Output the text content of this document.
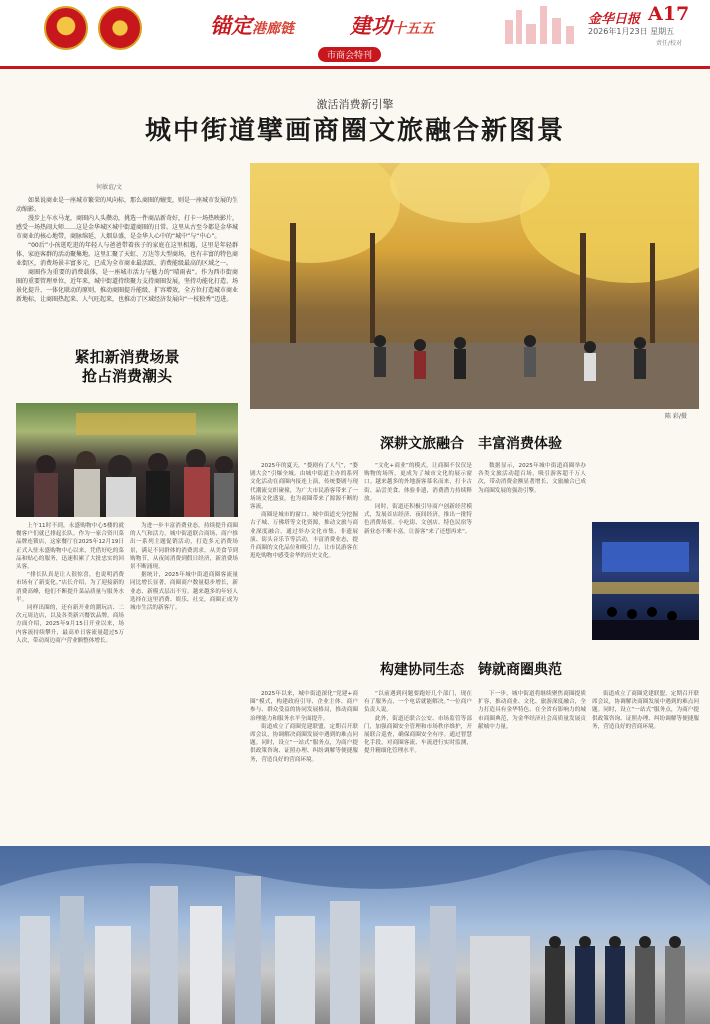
锚定港廊链	建功十五五
市商会特刊
金华日报 A17
2026年1月23日 星期五
责任/校对
激活消费新引擎
城中街道擘画商圈文旅融合新图景
何敏谊/文

如果说商业是一座城市繁荣的风向标，那么商圈的嬗变，则是一座城市发展的生动缩影。

漫步上车水马龙，商圈内人头攒动，挑选一件商品新奇好，打卡一场热映影片，感受一场热闹大师……这是金华城区城中街道商圈的日常。这里从古至今都是金华城市商业的核心地带，商脉绵延，人烟阜盛，是金华人心中的“城中”与“中心”。

“00后”小孩逛吃逛的年轻人与爸爸带着孩子的家庭在这里相遇，这里是年轻群体、家庭客群的活动聚集地。这里汇聚了天虹、万达等大型商场，也有丰富的特色商业街区，消费场景丰富多元，已成为全市商业最活跃、消费能级最高的区域之一。

商圈作为重要的消费载体，是一座城市活力与魅力的“晴雨表”。作为西市街商圈的重要管理单位，近年来，城中街道持续聚力支持商圈发展，坚持功能化打造、场景化提升、一体化联动的原则，推动商圈提升能级、扩容增效，全方位打造城市商业新地标，让商圈热起来、人气旺起来，也推动了区域经济发展向“一枝独秀”迈进。

紧扣新消费场景
抢占消费潮头

上午11时不到，永盛购物中心5楼的就餐客户们就已排起长队。作为一家合资川菜品牌连锁店，这家餐厅在2025年12月19日正式入驻永盛购物中心以来，凭借好吃的菜品和贴心的服务，迅速积累了大批忠实的回头客。

“排长队真是让人很惊喜，也说明消费市场有了新变化。”店长介绍，为了迎接新的消费高峰，他们不断提升菜品质量与服务水平。

同样出圈的，还有新开业的潮玩店、二次元周边店，以及各类新兴餐饮品牌。商场方面介绍，2025年9月15日开业以来，场内客流持续攀升，最高单日客流量超过5万人次，带动周边商户营业额整体增长。

为进一步丰富消费业态，持续提升商圈的人气和活力，城中街道联合商场、商户推出一系列主题促销活动，打造多元消费场景，满足不同群体的消费需求。从美食节到购物节，从夜间消费到假日经济，新消费场景不断涌现。

据统计，2025年城中街道商圈客流量同比增长显著，商圈商户数量稳步增长，新业态、新模式层出不穷。越来越多的年轻人选择在这里消费、娱乐、社交，商圈正成为城市生活的新客厅。

陈 彩/摄
深耕文旅融合　丰富消费体验

2025年的夏天，“婺剧有了人气”，“婺剧大会”引爆全城。由城中街道主办的系列文化活动在商圈内接连上演，传统婺剧与现代潮流交织碰撞，为广大市民游客带来了一场场文化盛宴，也为商圈带来了源源不断的客流。

商圈是城市的窗口。城中街道充分挖掘古子城、万佛塔等文化资源，推动文旅与商业深度融合。通过举办文化市集、非遗展演、街头音乐节等活动，丰富消费业态，提升商圈的文化品位和吸引力，让市民游客在逛吃购物中感受金华的历史文化。

“文化+商业”的模式，让商圈不仅仅是购物的场所，更成为了城市文化的展示窗口。越来越多的外地游客慕名而来，打卡古街、品尝美食、体验非遗，消费潜力持续释放。

同时，街道还积极引导商户创新经营模式，发展首店经济、夜间经济，推出一批特色消费场景。小吃街、文创店、特色民宿等新业态不断丰富，让游客“来了还想再来”。

数据显示，2025年城中街道商圈举办各类文旅活动超百场，吸引游客超千万人次，带动消费金额显著增长，文旅融合已成为商圈发展的强劲引擎。

构建协同生态　铸就商圈典范

2025年以来，城中街道深化“党建+商圈”模式，构建政府引导、企业主体、商户参与、群众受益的协同发展格局，推动商圈治理能力和服务水平全面提升。

街道成立了商圈党建联盟，定期召开联席会议，协调解决商圈发展中遇到的难点问题。同时，设立“一站式”服务点，为商户提供政策咨询、证照办理、纠纷调解等便捷服务，营造良好的营商环境。

“以前遇到问题要跑好几个部门，现在有了服务点，一个电话就能解决。”一位商户负责人说。

此外，街道还联合公安、市场监管等部门，加强商圈安全管理和市场秩序维护，开展联合巡查，确保商圈安全有序。通过智慧化手段，对商圈客流、车流进行实时监测，提升精细化管理水平。

下一步，城中街道将继续聚焦商圈提质扩容，推动商业、文化、旅游深度融合，全力打造具有金华特色、在全省有影响力的城市商圈典范，为金华经济社会高质量发展贡献城中力量。

街道成立了商圈党建联盟，定期召开联席会议，协调解决商圈发展中遇到的难点问题。同时，设立“一站式”服务点，为商户提供政策咨询、证照办理、纠纷调解等便捷服务，营造良好的营商环境。
